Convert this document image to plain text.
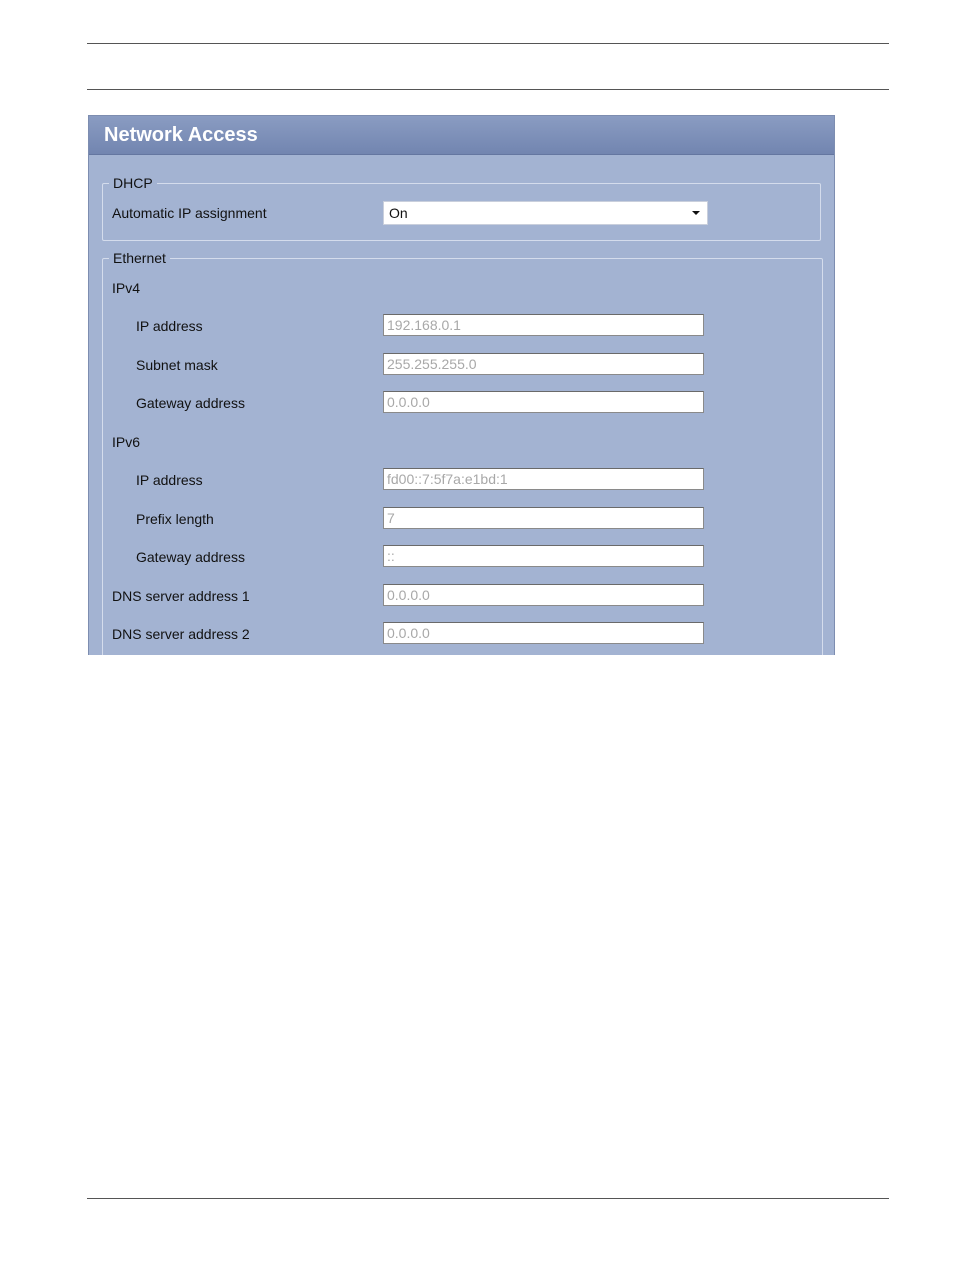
Network Access
DHCP
Automatic IP assignment	On
Ethernet
IPv4
IP address	192.168.0.1
Subnet mask	255.255.255.0
Gateway address	0.0.0.0
IPv6
IP address	fd00::7:5f7a:e1bd:1
Prefix length	7
Gateway address	::
DNS server address 1	0.0.0.0
DNS server address 2	0.0.0.0
